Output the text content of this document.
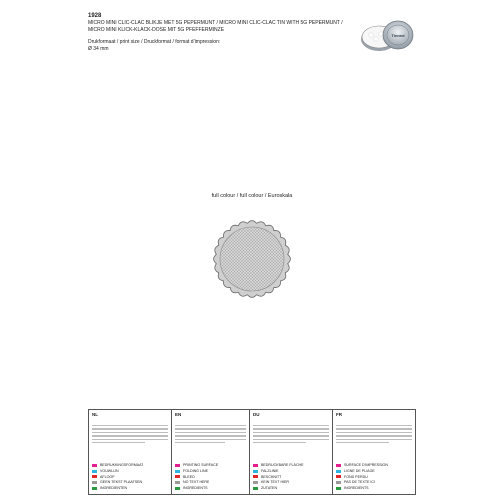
1928
MICRO MINI CLIC-CLAC BLIKJE MET 5G PEPERMUNT / MICRO MINI CLIC-CLAC TIN WITH 5G PEPERMUNT /
MICRO MINI KLICK-KLACK-DOSE MIT 5G PFEFFERMINZE
Drukformaat / print size / Druckformat / format d’impression:
Ø 34 mm
Tinned
full colour / full colour / Euroskala
NL
BEDRUKKINGSFORMAAT
VOUWLIJN
AFLOOP
GEEN TEKST PLAATSEN
INGREDIENTEN
EN
PRINTING SURFACE
FOLDING LINE
BLEED
NO TEXT HERE
INGREDIENTS
DU
BEDRUCKBARE FLÄCHE
FALZLINIE
BESCHNITT
KEIN TEXT HIER
ZUTATEN
FR
SURFACE D’IMPRESSION
LIGNE DE PLIAGE
FOND PERDU
PAS DE TEXTE ICI
INGREDIENTS
